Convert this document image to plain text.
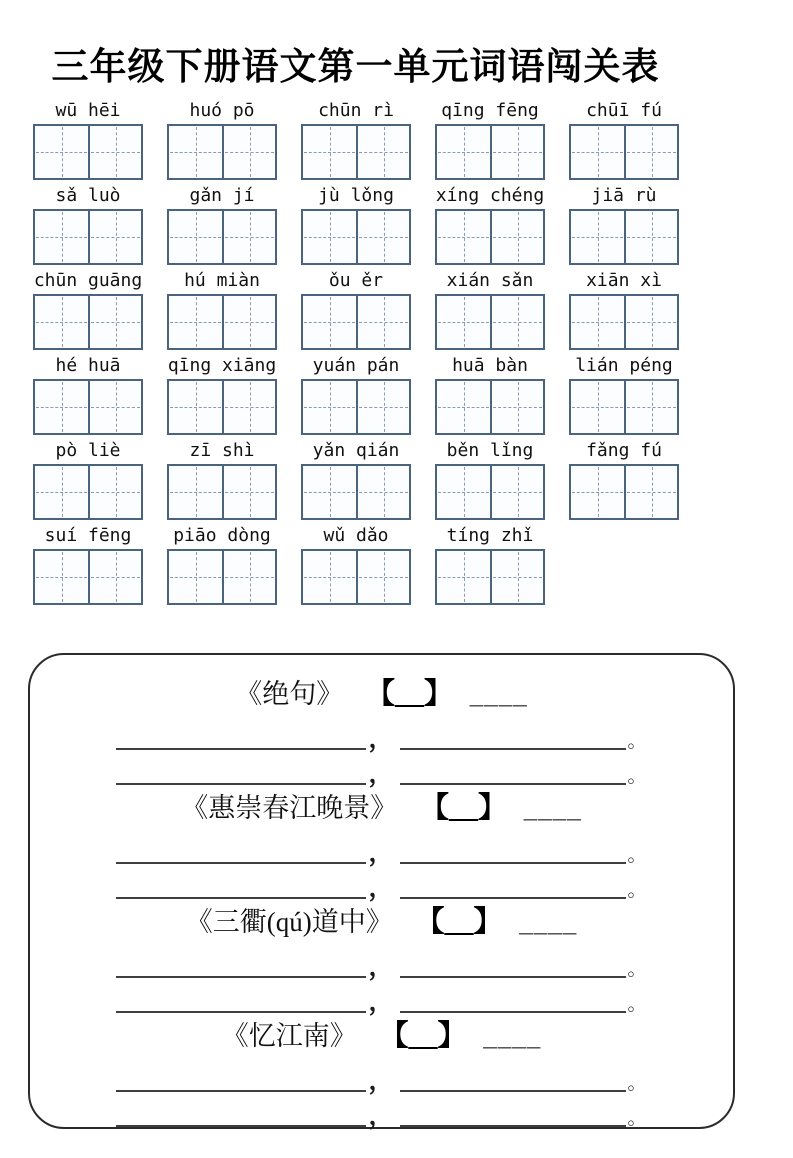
三年级下册语文第一单元词语闯关表
wū hēi	huó pō	chūn rì	qīng fēng	chūī fú
sǎ luò	gǎn jí	jù lǒng	xíng chéng	jiā rù
chūn guāng	hú miàn	ǒu ěr	xián sǎn	xiān xì
hé huā	qīng xiāng	yuán pán	huā bàn	lián péng
pò liè	zī shì	yǎn qián	běn lǐng	fǎng fú
suí fēng	piāo dòng	wǔ dǎo	tíng zhǐ
《绝句》 【__】 ____
，	。
，	。
《惠崇春江晚景》 【__】 ____
，	。
，	。
《三衢(qú)道中》 【__】 ____
，	。
，	。
《忆江南》 【__】 ____
，	。
，	。
